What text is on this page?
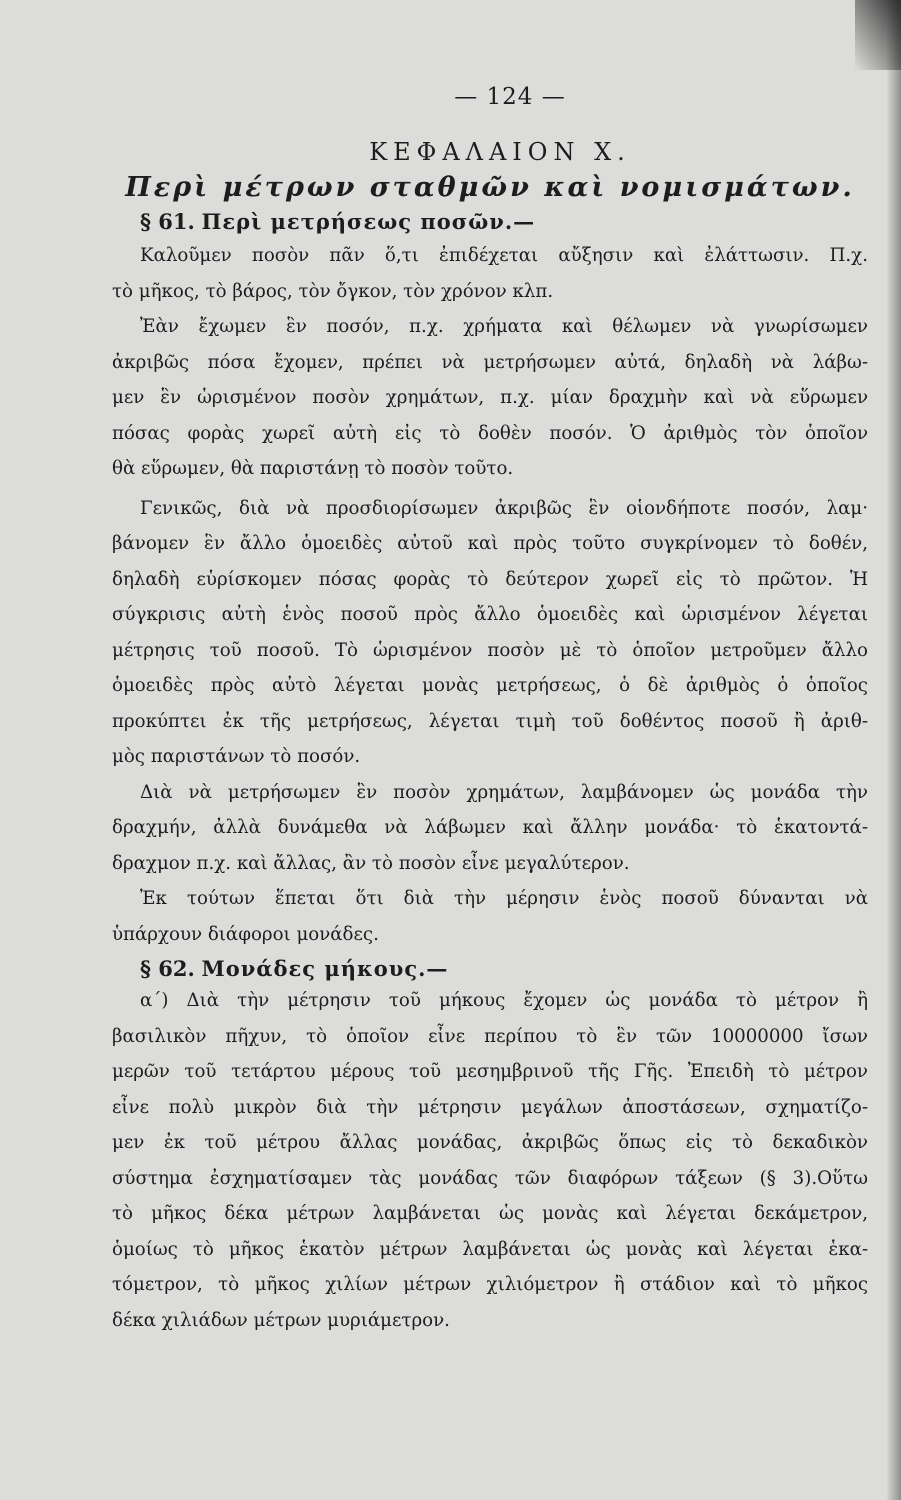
— 124 —
ΚΕΦΑΛΑΙΟΝ Χ.
Περὶ μέτρων σταθμῶν καὶ νομισμάτων.
§ 61. Περὶ μετρήσεως ποσῶν.—
Καλοῦμεν ποσὸν πᾶν ὅ,τι ἐπιδέχεται αὔξησιν καὶ ἐλάττωσιν. Π.χ.
τὸ μῆκος, τὸ βάρος, τὸν ὄγκον, τὸν χρόνον κλπ.
Ἐὰν ἔχωμεν ἓν ποσόν, π.χ. χρήματα καὶ θέλωμεν νὰ γνωρίσωμεν
ἀκριβῶς πόσα ἔχομεν, πρέπει νὰ μετρήσωμεν αὐτά, δηλαδὴ νὰ λάβω-
μεν ἓν ὡρισμένον ποσὸν χρημάτων, π.χ. μίαν δραχμὴν καὶ νὰ εὕρωμεν
πόσας φορὰς χωρεῖ αὐτὴ εἰς τὸ δοθὲν ποσόν. Ὁ ἀριθμὸς τὸν ὁποῖον
θὰ εὕρωμεν, θὰ παριστάνῃ τὸ ποσὸν τοῦτο.
Γενικῶς, διὰ νὰ προσδιορίσωμεν ἀκριβῶς ἓν οἱονδήποτε ποσόν, λαμ·
βάνομεν ἓν ἄλλο ὁμοειδὲς αὐτοῦ καὶ πρὸς τοῦτο συγκρίνομεν τὸ δοθέν,
δηλαδὴ εὑρίσκομεν πόσας φορὰς τὸ δεύτερον χωρεῖ εἰς τὸ πρῶτον. Ἡ
σύγκρισις αὐτὴ ἑνὸς ποσοῦ πρὸς ἄλλο ὁμοειδὲς καὶ ὡρισμένον λέγεται
μέτρησις τοῦ ποσοῦ. Τὸ ὡρισμένον ποσὸν μὲ τὸ ὁποῖον μετροῦμεν ἄλλο
ὁμοειδὲς πρὸς αὐτὸ λέγεται μονὰς μετρήσεως, ὁ δὲ ἀριθμὸς ὁ ὁποῖος
προκύπτει ἐκ τῆς μετρήσεως, λέγεται τιμὴ τοῦ δοθέντος ποσοῦ ἢ ἀριθ-
μὸς παριστάνων τὸ ποσόν.
Διὰ νὰ μετρήσωμεν ἓν ποσὸν χρημάτων, λαμβάνομεν ὡς μονάδα τὴν
δραχμήν, ἀλλὰ δυνάμεθα νὰ λάβωμεν καὶ ἄλλην μονάδα· τὸ ἑκατοντά-
δραχμον π.χ. καὶ ἄλλας, ἂν τὸ ποσὸν εἶνε μεγαλύτερον.
Ἐκ τούτων ἕπεται ὅτι διὰ τὴν μέρησιν ἑνὸς ποσοῦ δύνανται νὰ
ὑπάρχουν διάφοροι μονάδες.
§ 62. Μονάδες μήκους.—
α´) Διὰ τὴν μέτρησιν τοῦ μήκους ἔχομεν ὡς μονάδα τὸ μέτρον ἢ
βασιλικὸν πῆχυν, τὸ ὁποῖον εἶνε περίπου τὸ ἓν τῶν 10000000 ἴσων
μερῶν τοῦ τετάρτου μέρους τοῦ μεσημβρινοῦ τῆς Γῆς. Ἐπειδὴ τὸ μέτρον
εἶνε πολὺ μικρὸν διὰ τὴν μέτρησιν μεγάλων ἀποστάσεων, σχηματίζο-
μεν ἐκ τοῦ μέτρου ἄλλας μονάδας, ἀκριβῶς ὅπως εἰς τὸ δεκαδικὸν
σύστημα ἐσχηματίσαμεν τὰς μονάδας τῶν διαφόρων τάξεων (§ 3).Οὕτω
τὸ μῆκος δέκα μέτρων λαμβάνεται ὡς μονὰς καὶ λέγεται δεκάμετρον,
ὁμοίως τὸ μῆκος ἑκατὸν μέτρων λαμβάνεται ὡς μονὰς καὶ λέγεται ἑκα-
τόμετρον, τὸ μῆκος χιλίων μέτρων χιλιόμετρον ἢ στάδιον καὶ τὸ μῆκος
δέκα χιλιάδων μέτρων μυριάμετρον.
